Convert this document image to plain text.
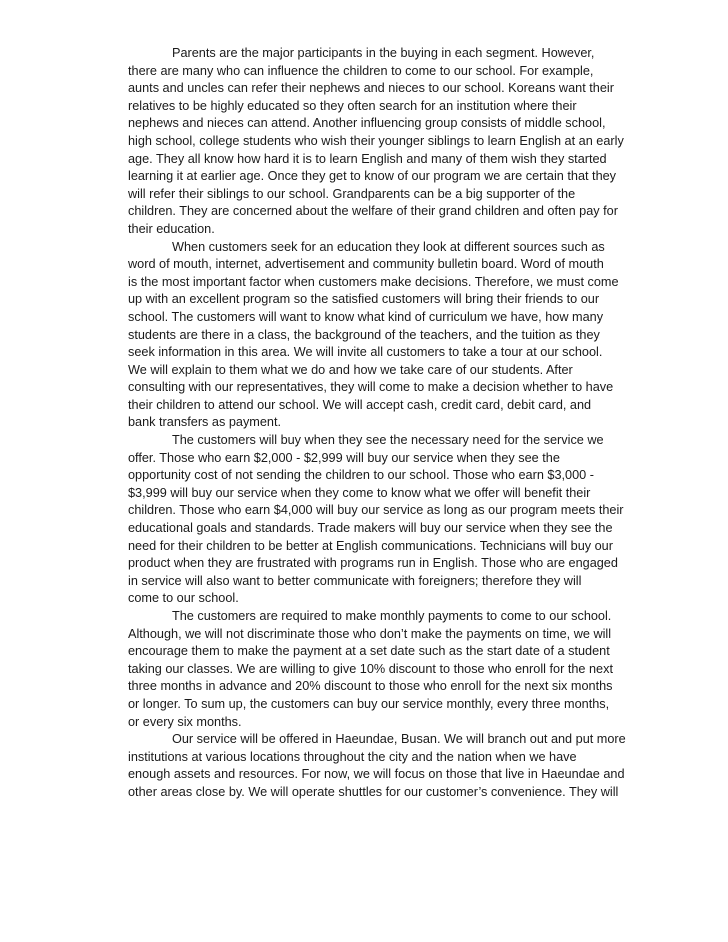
Parents are the major participants in the buying in each segment. However,
there are many who can influence the children to come to our school. For example,
aunts and uncles can refer their nephews and nieces to our school. Koreans want their
relatives to be highly educated so they often search for an institution where their
nephews and nieces can attend. Another influencing group consists of middle school,
high school, college students who wish their younger siblings to learn English at an early
age. They all know how hard it is to learn English and many of them wish they started
learning it at earlier age. Once they get to know of our program we are certain that they
will refer their siblings to our school. Grandparents can be a big supporter of the
children. They are concerned about the welfare of their grand children and often pay for
their education.

When customers seek for an education they look at different sources such as
word of mouth, internet, advertisement and community bulletin board. Word of mouth
is the most important factor when customers make decisions. Therefore, we must come
up with an excellent program so the satisfied customers will bring their friends to our
school. The customers will want to know what kind of curriculum we have, how many
students are there in a class, the background of the teachers, and the tuition as they
seek information in this area. We will invite all customers to take a tour at our school.
We will explain to them what we do and how we take care of our students. After
consulting with our representatives, they will come to make a decision whether to have
their children to attend our school. We will accept cash, credit card, debit card, and
bank transfers as payment.

The customers will buy when they see the necessary need for the service we
offer. Those who earn $2,000 - $2,999 will buy our service when they see the
opportunity cost of not sending the children to our school. Those who earn $3,000 -
$3,999 will buy our service when they come to know what we offer will benefit their
children. Those who earn $4,000 will buy our service as long as our program meets their
educational goals and standards. Trade makers will buy our service when they see the
need for their children to be better at English communications. Technicians will buy our
product when they are frustrated with programs run in English. Those who are engaged
in service will also want to better communicate with foreigners; therefore they will
come to our school.

The customers are required to make monthly payments to come to our school.
Although, we will not discriminate those who don’t make the payments on time, we will
encourage them to make the payment at a set date such as the start date of a student
taking our classes. We are willing to give 10% discount to those who enroll for the next
three months in advance and 20% discount to those who enroll for the next six months
or longer. To sum up, the customers can buy our service monthly, every three months,
or every six months.

Our service will be offered in Haeundae, Busan. We will branch out and put more
institutions at various locations throughout the city and the nation when we have
enough assets and resources. For now, we will focus on those that live in Haeundae and
other areas close by. We will operate shuttles for our customer’s convenience. They will
